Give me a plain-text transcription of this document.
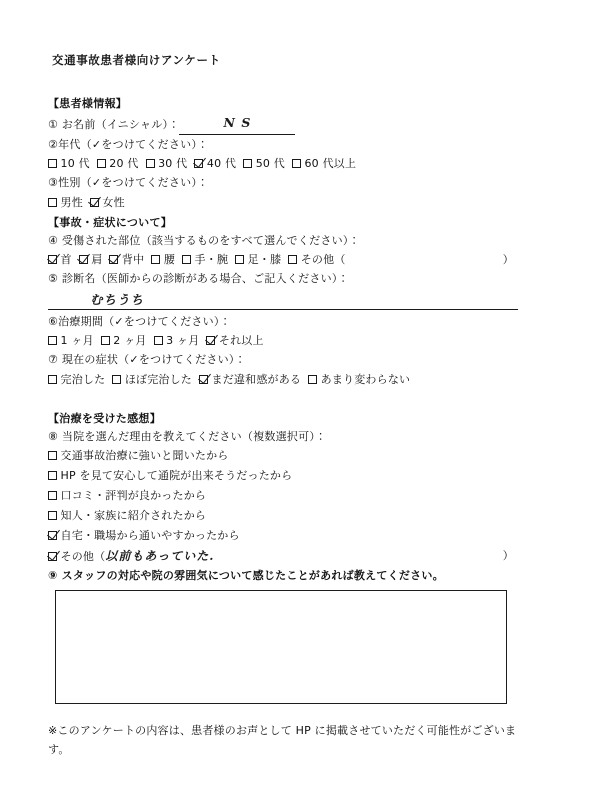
交通事故患者様向けアンケート
【患者様情報】
① お名前（イニシャル）：	N S
②年代（✓をつけてください）：
10 代 20 代 30 代 40 代 50 代 60 代以上
③性別（✓をつけてください）：
男性 女性
【事故・症状について】
④ 受傷された部位（該当するものをすべて選んでください）：
首 肩 背中 腰 手・腕 足・膝 その他（	）
⑤ 診断名（医師からの診断がある場合、ご記入ください）：
むちうち
⑥治療期間（✓をつけてください）：
1 ヶ月 2 ヶ月 3 ヶ月 それ以上
⑦ 現在の症状（✓をつけてください）：
完治した ほぼ完治した まだ違和感がある あまり変わらない
【治療を受けた感想】
⑧ 当院を選んだ理由を教えてください（複数選択可）：
交通事故治療に強いと聞いたから
HP を見て安心して通院が出来そうだったから
口コミ・評判が良かったから
知人・家族に紹介されたから
自宅・職場から通いやすかったから
その他（以前もあっていた.	）
⑨ スタッフの対応や院の雰囲気について感じたことがあれば教えてください。
※このアンケートの内容は、患者様のお声として HP に掲載させていただく可能性がございます。
